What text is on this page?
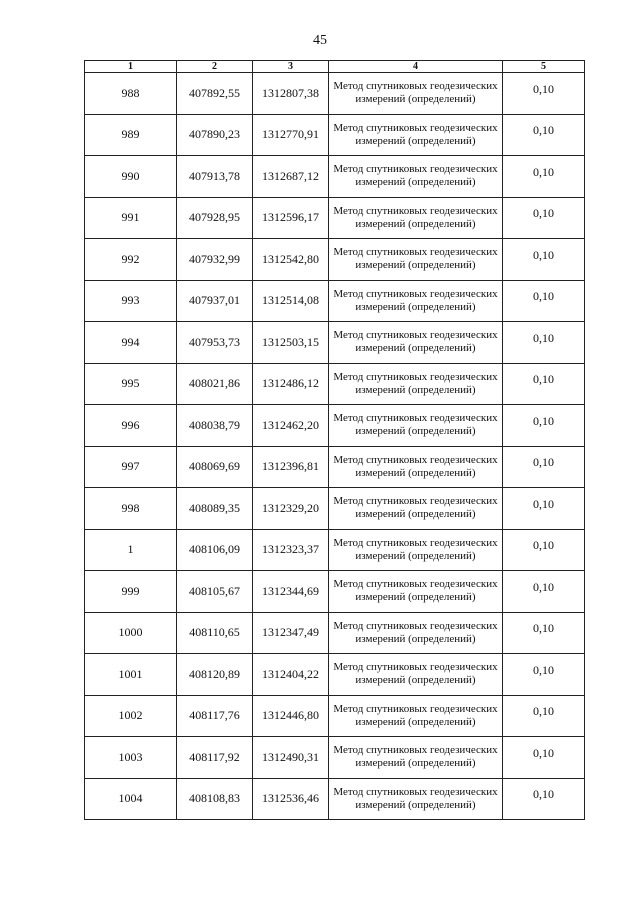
45
1	2	3	4	5
988	407892,55	1312807,38	Метод спутниковых геодезических измерений (определений)	0,10
989	407890,23	1312770,91	Метод спутниковых геодезических измерений (определений)	0,10
990	407913,78	1312687,12	Метод спутниковых геодезических измерений (определений)	0,10
991	407928,95	1312596,17	Метод спутниковых геодезических измерений (определений)	0,10
992	407932,99	1312542,80	Метод спутниковых геодезических измерений (определений)	0,10
993	407937,01	1312514,08	Метод спутниковых геодезических измерений (определений)	0,10
994	407953,73	1312503,15	Метод спутниковых геодезических измерений (определений)	0,10
995	408021,86	1312486,12	Метод спутниковых геодезических измерений (определений)	0,10
996	408038,79	1312462,20	Метод спутниковых геодезических измерений (определений)	0,10
997	408069,69	1312396,81	Метод спутниковых геодезических измерений (определений)	0,10
998	408089,35	1312329,20	Метод спутниковых геодезических измерений (определений)	0,10
1	408106,09	1312323,37	Метод спутниковых геодезических измерений (определений)	0,10
999	408105,67	1312344,69	Метод спутниковых геодезических измерений (определений)	0,10
1000	408110,65	1312347,49	Метод спутниковых геодезических измерений (определений)	0,10
1001	408120,89	1312404,22	Метод спутниковых геодезических измерений (определений)	0,10
1002	408117,76	1312446,80	Метод спутниковых геодезических измерений (определений)	0,10
1003	408117,92	1312490,31	Метод спутниковых геодезических измерений (определений)	0,10
1004	408108,83	1312536,46	Метод спутниковых геодезических измерений (определений)	0,10
